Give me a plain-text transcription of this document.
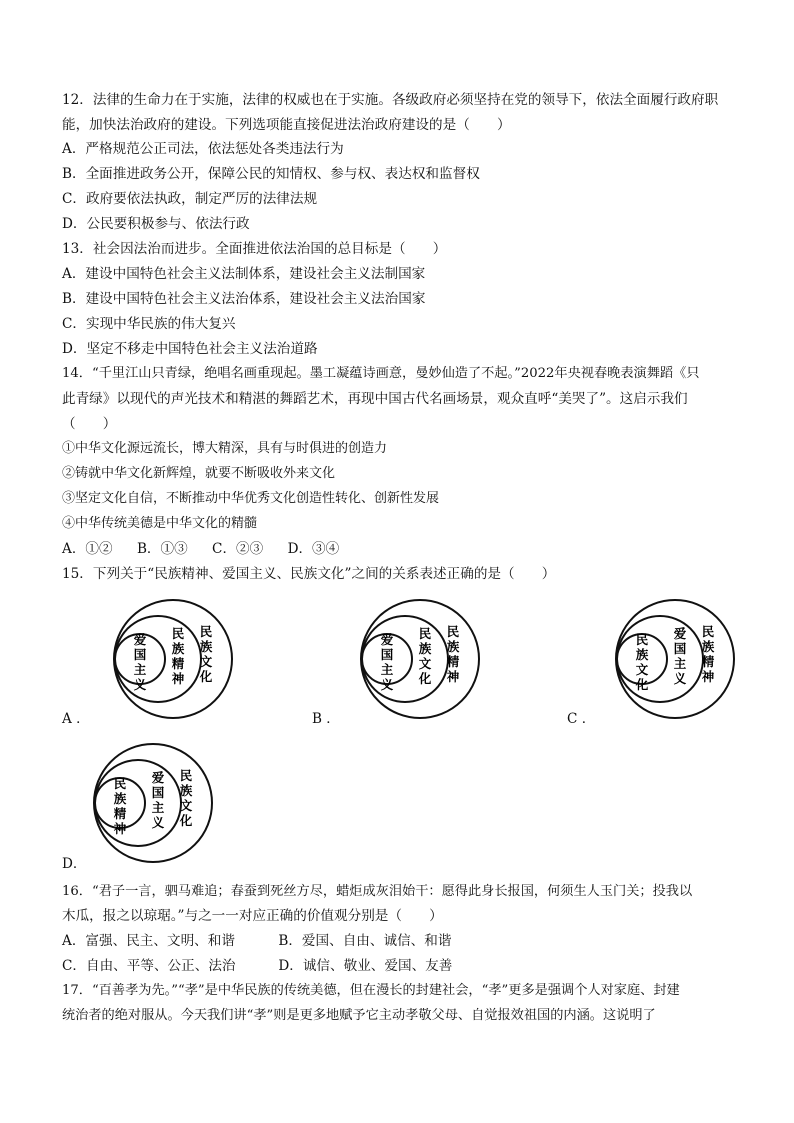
12．法律的生命力在于实施，法律的权威也在于实施。各级政府必须坚持在党的领导下，依法全面履行政府职
能，加快法治政府的建设。下列选项能直接促进法治政府建设的是（　　）
A．严格规范公正司法，依法惩处各类违法行为
B．全面推进政务公开，保障公民的知情权、参与权、表达权和监督权
C．政府要依法执政，制定严厉的法律法规
D．公民要积极参与、依法行政
13．社会因法治而进步。全面推进依法治国的总目标是（　　）
A．建设中国特色社会主义法制体系，建设社会主义法制国家
B．建设中国特色社会主义法治体系，建设社会主义法治国家
C．实现中华民族的伟大复兴
D．坚定不移走中国特色社会主义法治道路
14．“千里江山只青绿，绝唱名画重现起。墨工凝蕴诗画意，曼妙仙造了不起。”2022年央视春晚表演舞蹈《只
此青绿》以现代的声光技术和精湛的舞蹈艺术，再现中国古代名画场景，观众直呼“美哭了”。这启示我们
（　　）
①中华文化源远流长，博大精深，具有与时俱进的创造力
②铸就中华文化新辉煌，就要不断吸收外来文化
③坚定文化自信，不断推动中华优秀文化创造性转化、创新性发展
④中华传统美德是中华文化的精髓
A．①② B．①③ C．②③ D．③④
15．下列关于“民族精神、爱国主义、民族文化”之间的关系表述正确的是（　　）
爱国主义
民族精神
民族文化
A ．
爱国主义
民族文化
民族精神
B ．
民族文化
爱国主义
民族精神
C ．
民族精神
爱国主义
民族文化
D．
16．“君子一言，驷马难追；春蚕到死丝方尽，蜡炬成灰泪始干：愿得此身长报国，何须生人玉门关；投我以
木瓜，报之以琼琚。”与之一一对应正确的价值观分别是（　　）
A．富强、民主、文明、和谐	B．爱国、自由、诚信、和谐
C．自由、平等、公正、法治	D．诚信、敬业、爱国、友善
17．“百善孝为先。”“孝”是中华民族的传统美德，但在漫长的封建社会，“孝”更多是强调个人对家庭、封建
统治者的绝对服从。今天我们讲“孝”则是更多地赋予它主动孝敬父母、自觉报效祖国的内涵。这说明了
